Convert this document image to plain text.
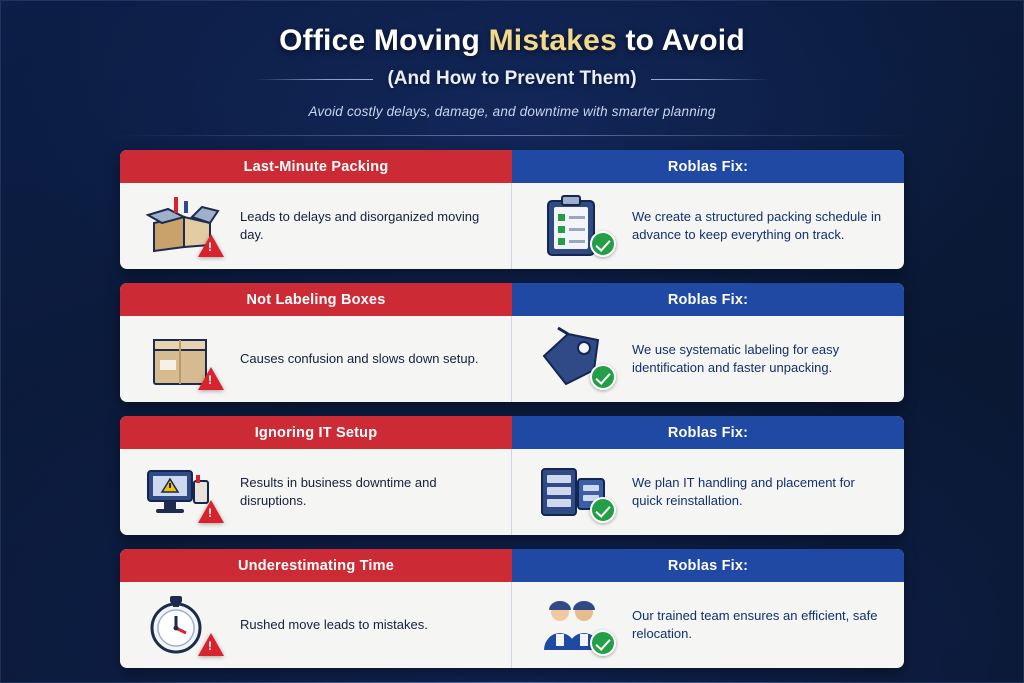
Office Moving Mistakes to Avoid
(And How to Prevent Them)
Avoid costly delays, damage, and downtime with smarter planning
Last-Minute Packing	Roblas Fix:
!
Leads to delays and disorganized moving day.
We create a structured packing schedule in advance to keep everything on track.
Not Labeling Boxes	Roblas Fix:
!
Causes confusion and slows down setup.
We use systematic labeling for easy identification and faster unpacking.
Ignoring IT Setup	Roblas Fix:
!
Results in business downtime and disruptions.
We plan IT handling and placement for quick reinstallation.
Underestimating Time	Roblas Fix:
!
Rushed move leads to mistakes.
Our trained team ensures an efficient, safe relocation.
